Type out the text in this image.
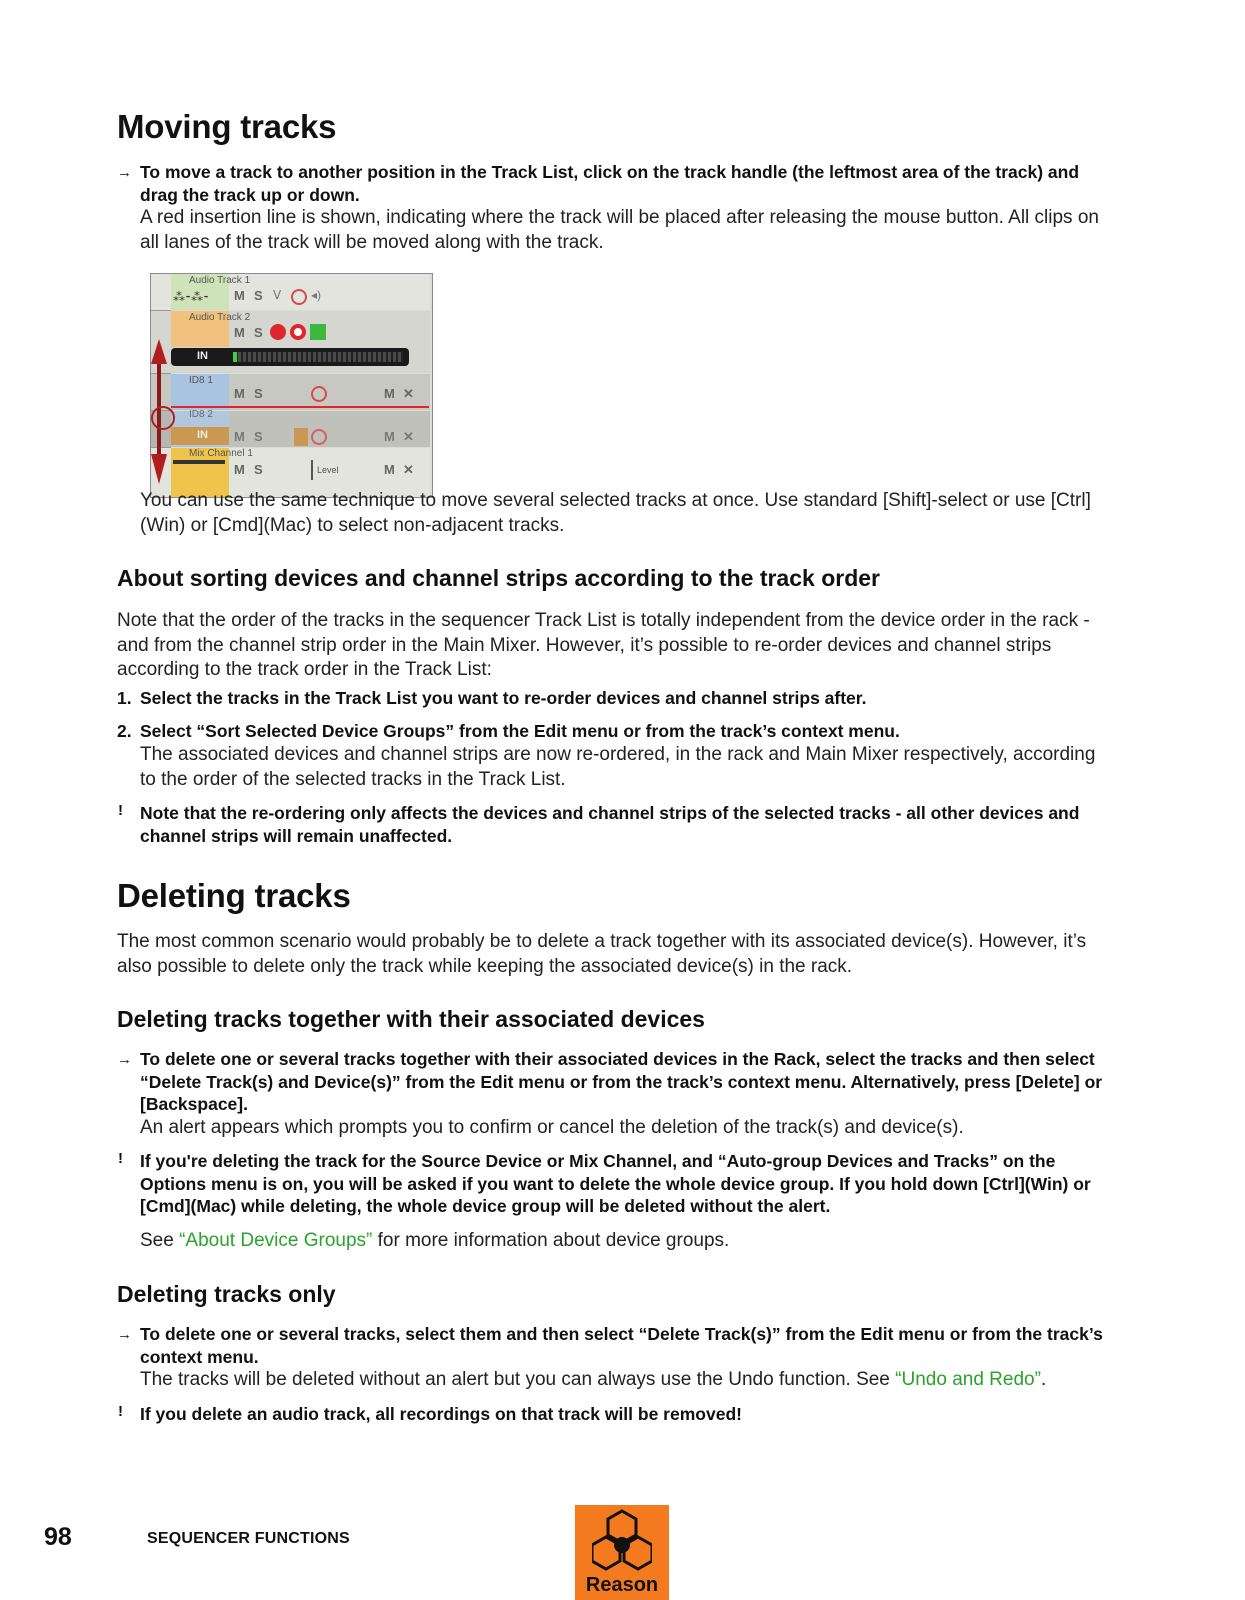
Moving tracks
→ To move a track to another position in the Track List, click on the track handle (the leftmost area of the track) and drag the track up or down.
A red insertion line is shown, indicating where the track will be placed after releasing the mouse button. All clips on all lanes of the track will be moved along with the track.
Audio Track 1
⁂⁃⁂⁃ M S ᐯ ◂)
Audio Track 2
M S
IN
ID8 1
M S	M ✕
ID8 2
IN M S	M ✕
Mix Channel 1
M S	Level	M ✕
You can use the same technique to move several selected tracks at once. Use standard [Shift]-select or use [Ctrl](Win) or [Cmd](Mac) to select non-adjacent tracks.
About sorting devices and channel strips according to the track order
Note that the order of the tracks in the sequencer Track List is totally independent from the device order in the rack - and from the channel strip order in the Main Mixer. However, it’s possible to re-order devices and channel strips according to the track order in the Track List:
1. Select the tracks in the Track List you want to re-order devices and channel strips after.
2. Select “Sort Selected Device Groups” from the Edit menu or from the track’s context menu.
The associated devices and channel strips are now re-ordered, in the rack and Main Mixer respectively, according to the order of the selected tracks in the Track List.
! Note that the re-ordering only affects the devices and channel strips of the selected tracks - all other devices and channel strips will remain unaffected.
Deleting tracks
The most common scenario would probably be to delete a track together with its associated device(s). However, it’s also possible to delete only the track while keeping the associated device(s) in the rack.
Deleting tracks together with their associated devices
→ To delete one or several tracks together with their associated devices in the Rack, select the tracks and then select “Delete Track(s) and Device(s)” from the Edit menu or from the track’s context menu. Alternatively, press [Delete] or [Backspace].
An alert appears which prompts you to confirm or cancel the deletion of the track(s) and device(s).
! If you're deleting the track for the Source Device or Mix Channel, and “Auto-group Devices and Tracks” on the Options menu is on, you will be asked if you want to delete the whole device group. If you hold down [Ctrl](Win) or [Cmd](Mac) while deleting, the whole device group will be deleted without the alert.
See “About Device Groups” for more information about device groups.
Deleting tracks only
→ To delete one or several tracks, select them and then select “Delete Track(s)” from the Edit menu or from the track’s context menu.
The tracks will be deleted without an alert but you can always use the Undo function. See “Undo and Redo”.
! If you delete an audio track, all recordings on that track will be removed!
98	SEQUENCER FUNCTIONS
Reason
